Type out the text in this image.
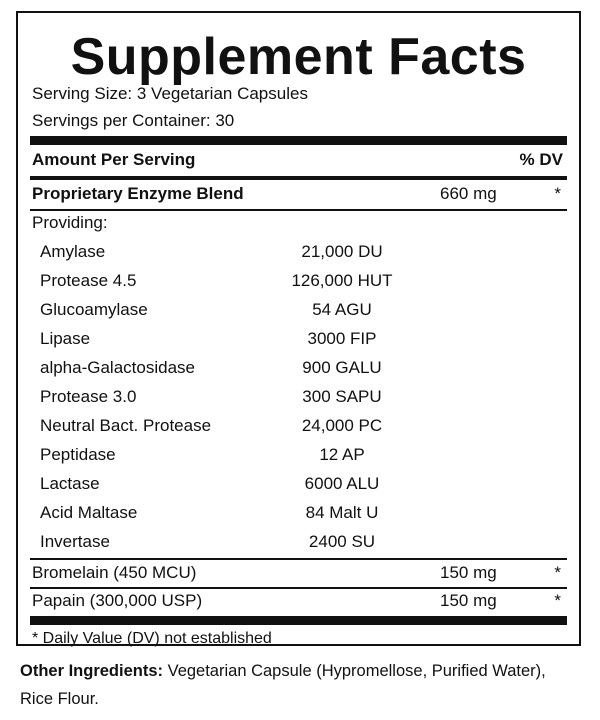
Supplement Facts
Serving Size: 3 Vegetarian Capsules
Servings per Container: 30
Amount Per Serving	% DV
Proprietary Enzyme Blend	660 mg	*
Providing:
Amylase	21,000 DU
Protease 4.5	126,000 HUT
Glucoamylase	54 AGU
Lipase	3000 FIP
alpha-Galactosidase	900 GALU
Protease 3.0	300 SAPU
Neutral Bact. Protease	24,000 PC
Peptidase	12 AP
Lactase	6000 ALU
Acid Maltase	84 Malt U
Invertase	2400 SU
Bromelain (450 MCU)	150 mg	*
Papain (300,000 USP)	150 mg	*
* Daily Value (DV) not established
Other Ingredients: Vegetarian Capsule (Hypromellose, Purified Water), Rice Flour.
